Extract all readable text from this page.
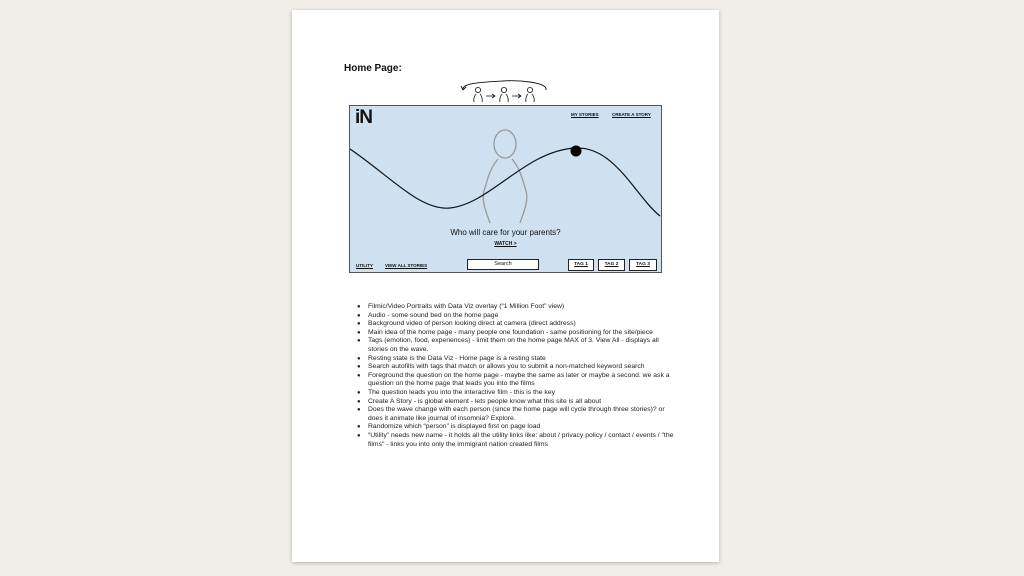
Home Page:
iN	MY STORIES	CREATE A STORY
Who will care for your parents?
WATCH >
UTILITY	VIEW ALL STORIES	Search	TAG 1	TAG 2	TAG 3
● Filmic/Video Portraits with Data Viz overlay (“1 Million Foot” view)
● Audio - some sound bed on the home page
● Background video of person looking direct at camera (direct address)
● Main idea of the home page - many people one foundation - same positioning for the site/piece
● Tags (emotion, food, experiences) - limit them on the home page MAX of 3. View All - displays all stories on the wave.
● Resting state is the Data Viz - Home page is a resting state
● Search autofills with tags that match or allows you to submit a non-matched keyword search
● Foreground the question on the home page - maybe the same as later or maybe a second. we ask a question on the home page that leads you into the films
● The question leads you into the interactive film - this is the key
● Create A Story - is global element - lets people know what this site is all about
● Does the wave change with each person (since the home page will cycle through three stories)? or does it animate like journal of insomnia? Explore.
● Randomize which “person” is displayed first on page load
● “Utility” needs new name - it holds all the utility links like: about / privacy policy / contact / events / "the films" - links you into only the immigrant nation created films
